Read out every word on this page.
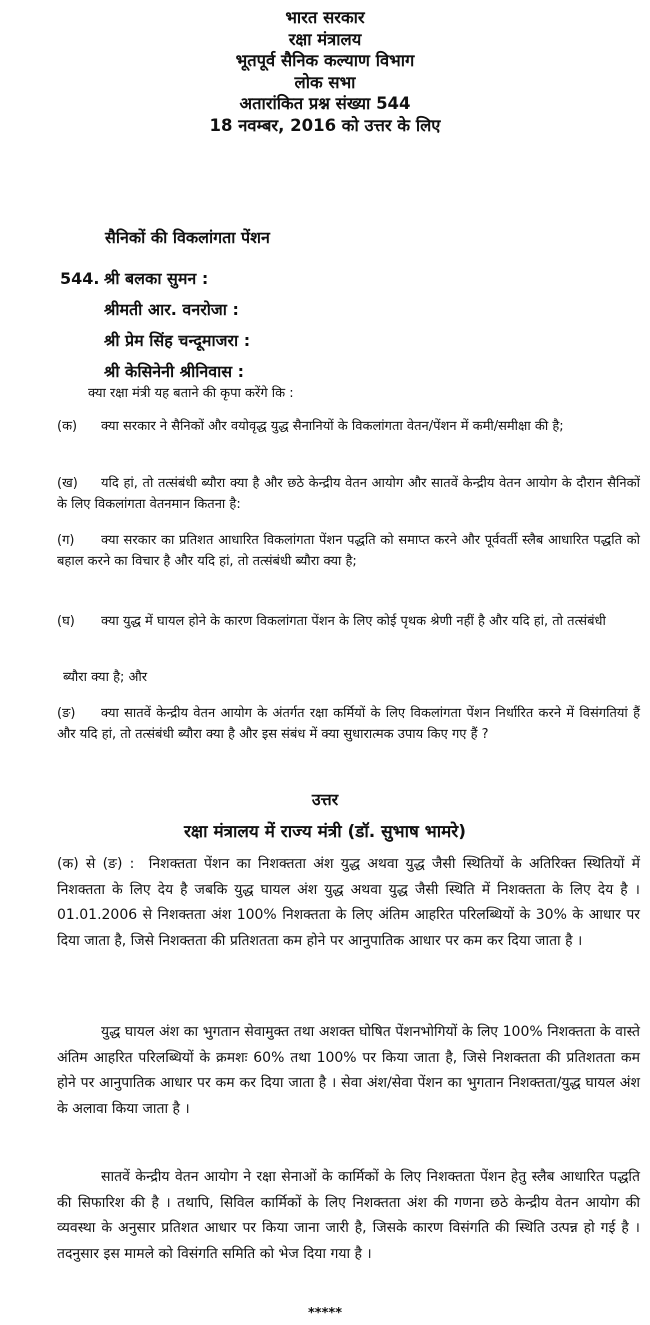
भारत सरकार
रक्षा मंत्रालय
भूतपूर्व सैनिक कल्याण विभाग
लोक सभा
अतारांकित प्रश्न संख्या 544
18 नवम्बर, 2016 को उत्तर के लिए
सैनिकों की विकलांगता पेंशन
544. श्री बलका सुमन :
श्रीमती आर. वनरोजा :
श्री प्रेम सिंह चन्दूमाजरा :
श्री केसिनेनी श्रीनिवास :
क्या रक्षा मंत्री यह बताने की कृपा करेंगे कि :
(क) क्या सरकार ने सैनिकों और वयोवृद्ध युद्ध सैनानियों के विकलांगता वेतन/पेंशन में कमी/समीक्षा की है;
(ख) यदि हां, तो तत्संबंधी ब्यौरा क्या है और छठे केन्द्रीय वेतन आयोग और सातवें केन्द्रीय वेतन आयोग के दौरान सैनिकों के लिए विकलांगता वेतनमान कितना है:
(ग) क्या सरकार का प्रतिशत आधारित विकलांगता पेंशन पद्धति को समाप्त करने और पूर्ववर्ती स्लैब आधारित पद्धति को बहाल करने का विचार है और यदि हां, तो तत्संबंधी ब्यौरा क्या है;
(घ) क्या युद्ध में घायल होने के कारण विकलांगता पेंशन के लिए कोई पृथक श्रेणी नहीं है और यदि हां, तो तत्संबंधी
ब्यौरा क्या है; और
(ङ) क्या सातवें केन्द्रीय वेतन आयोग के अंतर्गत रक्षा कर्मियों के लिए विकलांगता पेंशन निर्धारित करने में विसंगतियां हैं और यदि हां, तो तत्संबंधी ब्यौरा क्या है और इस संबंध में क्या सुधारात्मक उपाय किए गए हैं ?
उत्तर
रक्षा मंत्रालय में राज्य मंत्री (डॉ. सुभाष भामरे)
(क) से (ङ) : निशक्तता पेंशन का निशक्तता अंश युद्ध अथवा युद्ध जैसी स्थितियों के अतिरिक्त स्थितियों में निशक्तता के लिए देय है जबकि युद्ध घायल अंश युद्ध अथवा युद्ध जैसी स्थिति में निशक्तता के लिए देय है । 01.01.2006 से निशक्तता अंश 100% निशक्तता के लिए अंतिम आहरित परिलब्धियों के 30% के आधार पर दिया जाता है, जिसे निशक्तता की प्रतिशतता कम होने पर आनुपातिक आधार पर कम कर दिया जाता है ।
युद्ध घायल अंश का भुगतान सेवामुक्त तथा अशक्त घोषित पेंशनभोगियों के लिए 100% निशक्तता के वास्ते अंतिम आहरित परिलब्धियों के क्रमशः 60% तथा 100% पर किया जाता है, जिसे निशक्तता की प्रतिशतता कम होने पर आनुपातिक आधार पर कम कर दिया जाता है । सेवा अंश/सेवा पेंशन का भुगतान निशक्तता/युद्ध घायल अंश के अलावा किया जाता है ।
सातवें केन्द्रीय वेतन आयोग ने रक्षा सेनाओं के कार्मिकों के लिए निशक्तता पेंशन हेतु स्लैब आधारित पद्धति की सिफारिश की है । तथापि, सिविल कार्मिकों के लिए निशक्तता अंश की गणना छठे केन्द्रीय वेतन आयोग की व्यवस्था के अनुसार प्रतिशत आधार पर किया जाना जारी है, जिसके कारण विसंगति की स्थिति उत्पन्न हो गई है । तदनुसार इस मामले को विसंगति समिति को भेज दिया गया है ।
*****
